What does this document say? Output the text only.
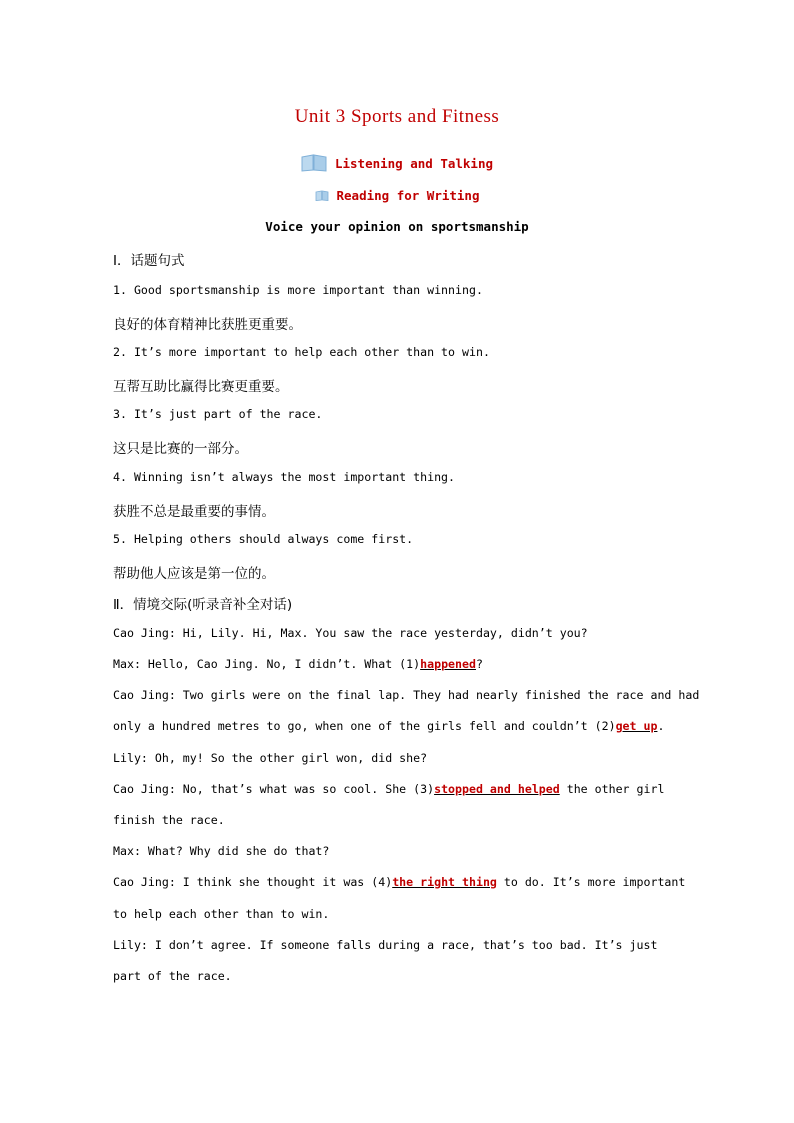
Unit 3 Sports and Fitness
Listening and Talking
Reading for Writing
Voice your opinion on sportsmanship
Ⅰ．话题句式
1. Good sportsmanship is more important than winning.
良好的体育精神比获胜更重要。
2. It’s more important to help each other than to win.
互帮互助比赢得比赛更重要。
3. It’s just part of the race.
这只是比赛的一部分。
4. Winning isn’t always the most important thing.
获胜不总是最重要的事情。
5. Helping others should always come first.
帮助他人应该是第一位的。
Ⅱ．情境交际(听录音补全对话)
Cao Jing: Hi, Lily. Hi, Max. You saw the race yesterday, didn’t you?
Max: Hello, Cao Jing. No, I didn’t. What (1)happened?
Cao Jing: Two girls were on the final lap. They had nearly finished the race and had
only a hundred metres to go, when one of the girls fell and couldn’t (2)get up.
Lily: Oh, my! So the other girl won, did she?
Cao Jing: No, that’s what was so cool. She (3)stopped and helped the other girl
finish the race.
Max: What? Why did she do that?
Cao Jing: I think she thought it was (4)the right thing to do. It’s more important
to help each other than to win.
Lily: I don’t agree. If someone falls during a race, that’s too bad. It’s just
part of the race.
